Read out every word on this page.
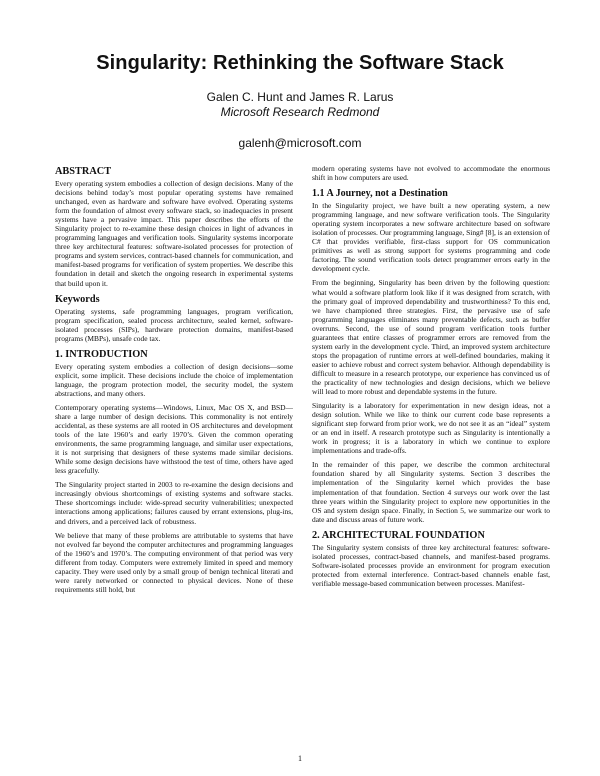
Singularity: Rethinking the Software Stack
Galen C. Hunt and James R. Larus
Microsoft Research Redmond
galenh@microsoft.com
ABSTRACT

Every operating system embodies a collection of design decisions. Many of the decisions behind today’s most popular operating systems have remained unchanged, even as hardware and software have evolved. Operating systems form the foundation of almost every software stack, so inadequacies in present systems have a pervasive impact. This paper describes the efforts of the Singularity project to re-examine these design choices in light of advances in programming languages and verification tools. Singularity systems incorporate three key architectural features: software-isolated processes for protection of programs and system services, contract-based channels for communication, and manifest-based programs for verification of system properties. We describe this foundation in detail and sketch the ongoing research in experimental systems that build upon it.

Keywords

Operating systems, safe programming languages, program verification, program specification, sealed process architecture, sealed kernel, software-isolated processes (SIPs), hardware protection domains, manifest-based programs (MBPs), unsafe code tax.

1. INTRODUCTION

Every operating system embodies a collection of design decisions—some explicit, some implicit. These decisions include the choice of implementation language, the program protection model, the security model, the system abstractions, and many others.

Contemporary operating systems—Windows, Linux, Mac OS X, and BSD—share a large number of design decisions. This commonality is not entirely accidental, as these systems are all rooted in OS architectures and development tools of the late 1960’s and early 1970’s. Given the common operating environments, the same programming language, and similar user expectations, it is not surprising that designers of these systems made similar decisions. While some design decisions have withstood the test of time, others have aged less gracefully.

The Singularity project started in 2003 to re-examine the design decisions and increasingly obvious shortcomings of existing systems and software stacks. These shortcomings include: wide-spread security vulnerabilities; unexpected interactions among applications; failures caused by errant extensions, plug-ins, and drivers, and a perceived lack of robustness.

We believe that many of these problems are attributable to systems that have not evolved far beyond the computer architectures and programming languages of the 1960’s and 1970’s. The computing environment of that period was very different from today. Computers were extremely limited in speed and memory capacity. They were used only by a small group of benign technical literati and were rarely networked or connected to physical devices. None of these requirements still hold, but

modern operating systems have not evolved to accommodate the enormous shift in how computers are used.

1.1 A Journey, not a Destination

In the Singularity project, we have built a new operating system, a new programming language, and new software verification tools. The Singularity operating system incorporates a new software architecture based on software isolation of processes. Our programming language, Sing# [8], is an extension of C# that provides verifiable, first-class support for OS communication primitives as well as strong support for systems programming and code factoring. The sound verification tools detect programmer errors early in the development cycle.

From the beginning, Singularity has been driven by the following question: what would a software platform look like if it was designed from scratch, with the primary goal of improved dependability and trustworthiness? To this end, we have championed three strategies. First, the pervasive use of safe programming languages eliminates many preventable defects, such as buffer overruns. Second, the use of sound program verification tools further guarantees that entire classes of programmer errors are removed from the system early in the development cycle. Third, an improved system architecture stops the propagation of runtime errors at well-defined boundaries, making it easier to achieve robust and correct system behavior. Although dependability is difficult to measure in a research prototype, our experience has convinced us of the practicality of new technologies and design decisions, which we believe will lead to more robust and dependable systems in the future.

Singularity is a laboratory for experimentation in new design ideas, not a design solution. While we like to think our current code base represents a significant step forward from prior work, we do not see it as an “ideal” system or an end in itself. A research prototype such as Singularity is intentionally a work in progress; it is a laboratory in which we continue to explore implementations and trade-offs.

In the remainder of this paper, we describe the common architectural foundation shared by all Singularity systems. Section 3 describes the implementation of the Singularity kernel which provides the base implementation of that foundation. Section 4 surveys our work over the last three years within the Singularity project to explore new opportunities in the OS and system design space. Finally, in Section 5, we summarize our work to date and discuss areas of future work.

2. ARCHITECTURAL FOUNDATION

The Singularity system consists of three key architectural features: software-isolated processes, contract-based channels, and manifest-based programs. Software-isolated processes provide an environment for program execution protected from external interference. Contract-based channels enable fast, verifiable message-based communication between processes. Manifest-

1
